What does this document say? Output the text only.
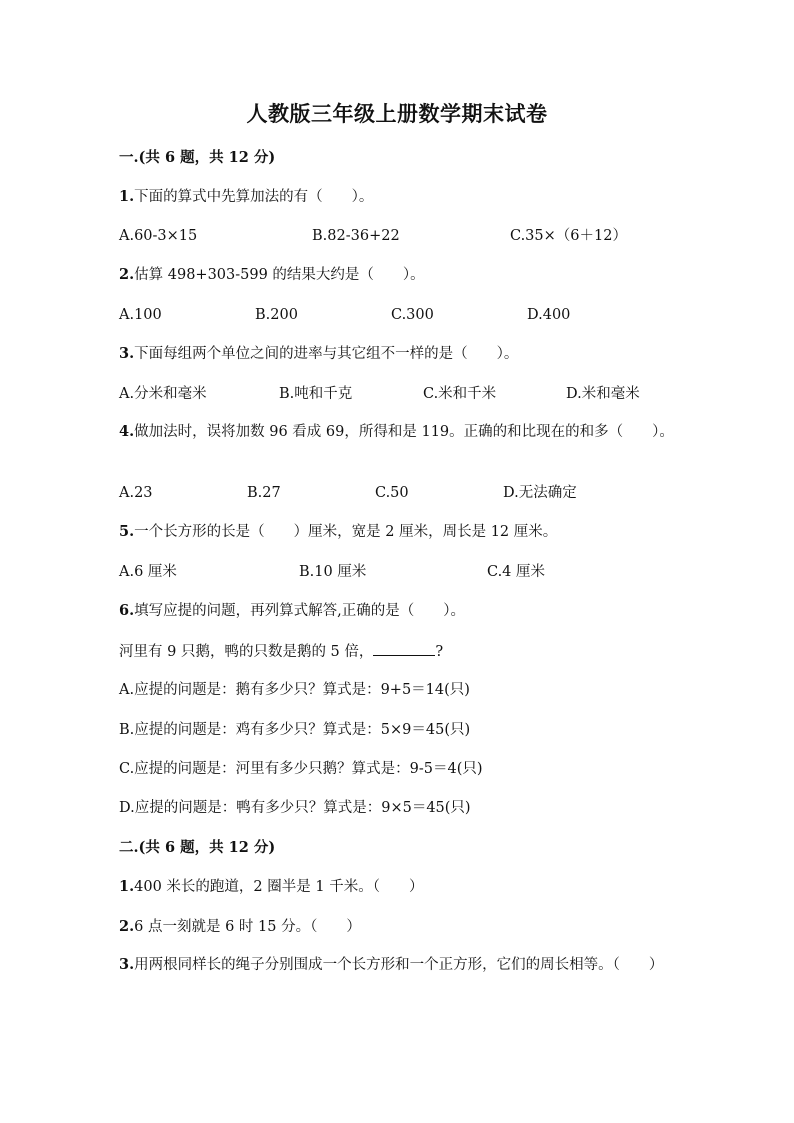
人教版三年级上册数学期末试卷
一.(共 6 题，共 12 分)
1.下面的算式中先算加法的有（　　）。
A.60-3×15	B.82-36+22	C.35×（6＋12）
2.估算 498+303-599 的结果大约是（　　）。
A.100	B.200	C.300	D.400
3.下面每组两个单位之间的进率与其它组不一样的是（　　）。
A.分米和毫米	B.吨和千克	C.米和千米	D.米和毫米
4.做加法时，误将加数 96 看成 69，所得和是 119。正确的和比现在的和多（　　）。
A.23	B.27	C.50	D.无法确定
5.一个长方形的长是（　　）厘米，宽是 2 厘米，周长是 12 厘米。
A.6 厘米	B.10 厘米	C.4 厘米
6.填写应提的问题，再列算式解答,正确的是（　　）。
河里有 9 只鹅，鸭的只数是鹅的 5 倍，	?
A.应提的问题是：鹅有多少只？算式是：9+5＝14(只)
B.应提的问题是：鸡有多少只？算式是：5×9＝45(只)
C.应提的问题是：河里有多少只鹅？算式是：9-5＝4(只)
D.应提的问题是：鸭有多少只？算式是：9×5＝45(只)
二.(共 6 题，共 12 分)
1.400 米长的跑道，2 圈半是 1 千米。（　　）
2.6 点一刻就是 6 时 15 分。（　　）
3.用两根同样长的绳子分别围成一个长方形和一个正方形，它们的周长相等。（　　）
